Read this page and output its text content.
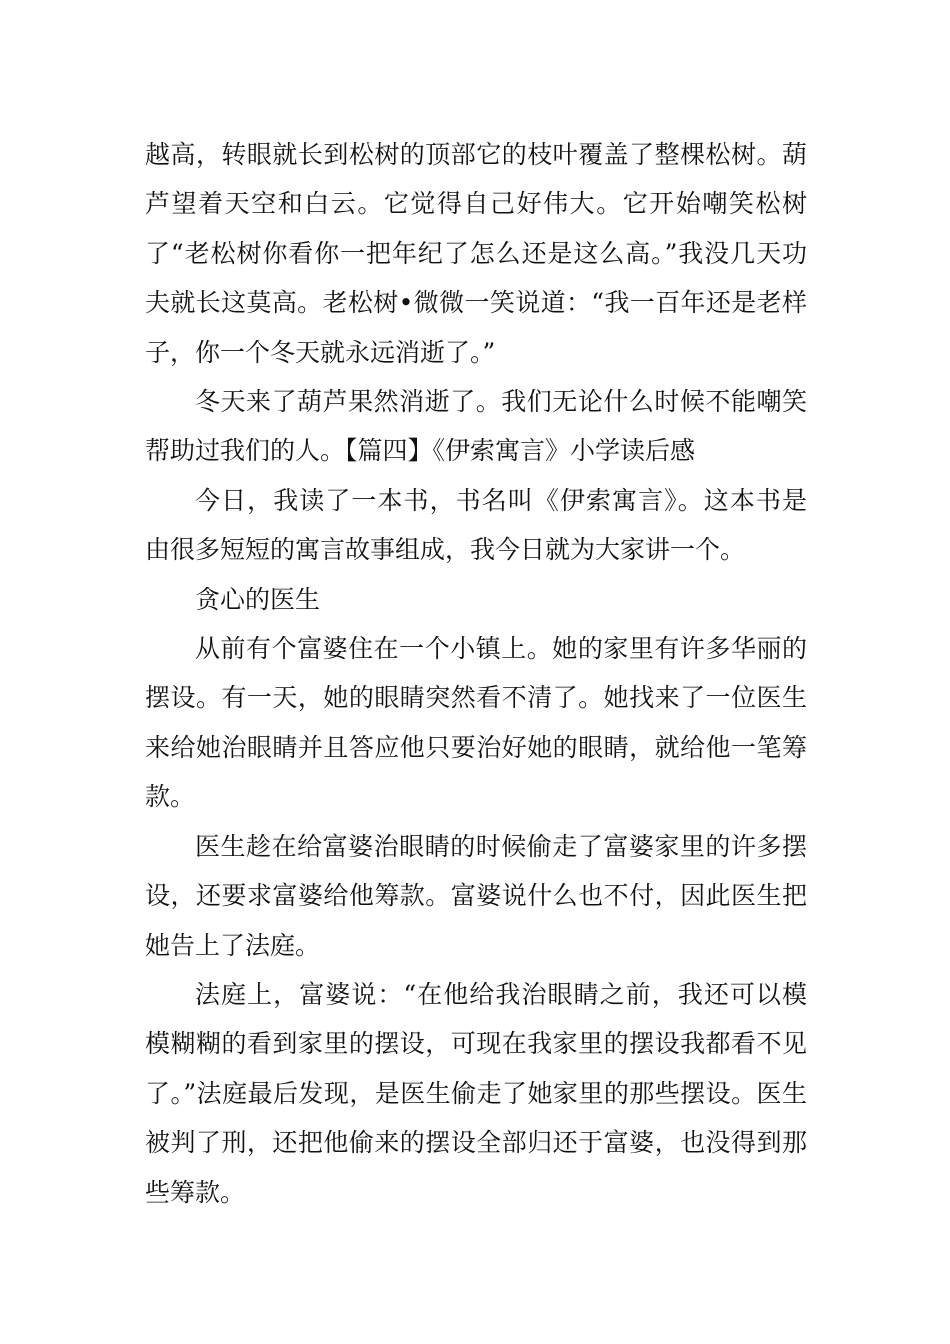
越高，转眼就长到松树的顶部它的枝叶覆盖了整棵松树。葫芦望着天空和白云。它觉得自己好伟大。它开始嘲笑松树了“老松树你看你一把年纪了怎么还是这么高。”我没几天功夫就长这莫高。老松树•微微一笑说道：“我一百年还是老样子，你一个冬天就永远消逝了。”

冬天来了葫芦果然消逝了。我们无论什么时候不能嘲笑帮助过我们的人。【篇四】《伊索寓言》小学读后感

今日，我读了一本书，书名叫《伊索寓言》。这本书是由很多短短的寓言故事组成，我今日就为大家讲一个。

贪心的医生

从前有个富婆住在一个小镇上。她的家里有许多华丽的摆设。有一天，她的眼睛突然看不清了。她找来了一位医生来给她治眼睛并且答应他只要治好她的眼睛，就给他一笔筹款。

医生趁在给富婆治眼睛的时候偷走了富婆家里的许多摆设，还要求富婆给他筹款。富婆说什么也不付，因此医生把她告上了法庭。

法庭上，富婆说：“在他给我治眼睛之前，我还可以模模糊糊的看到家里的摆设，可现在我家里的摆设我都看不见了。”法庭最后发现，是医生偷走了她家里的那些摆设。医生被判了刑，还把他偷来的摆设全部归还于富婆，也没得到那些筹款。
